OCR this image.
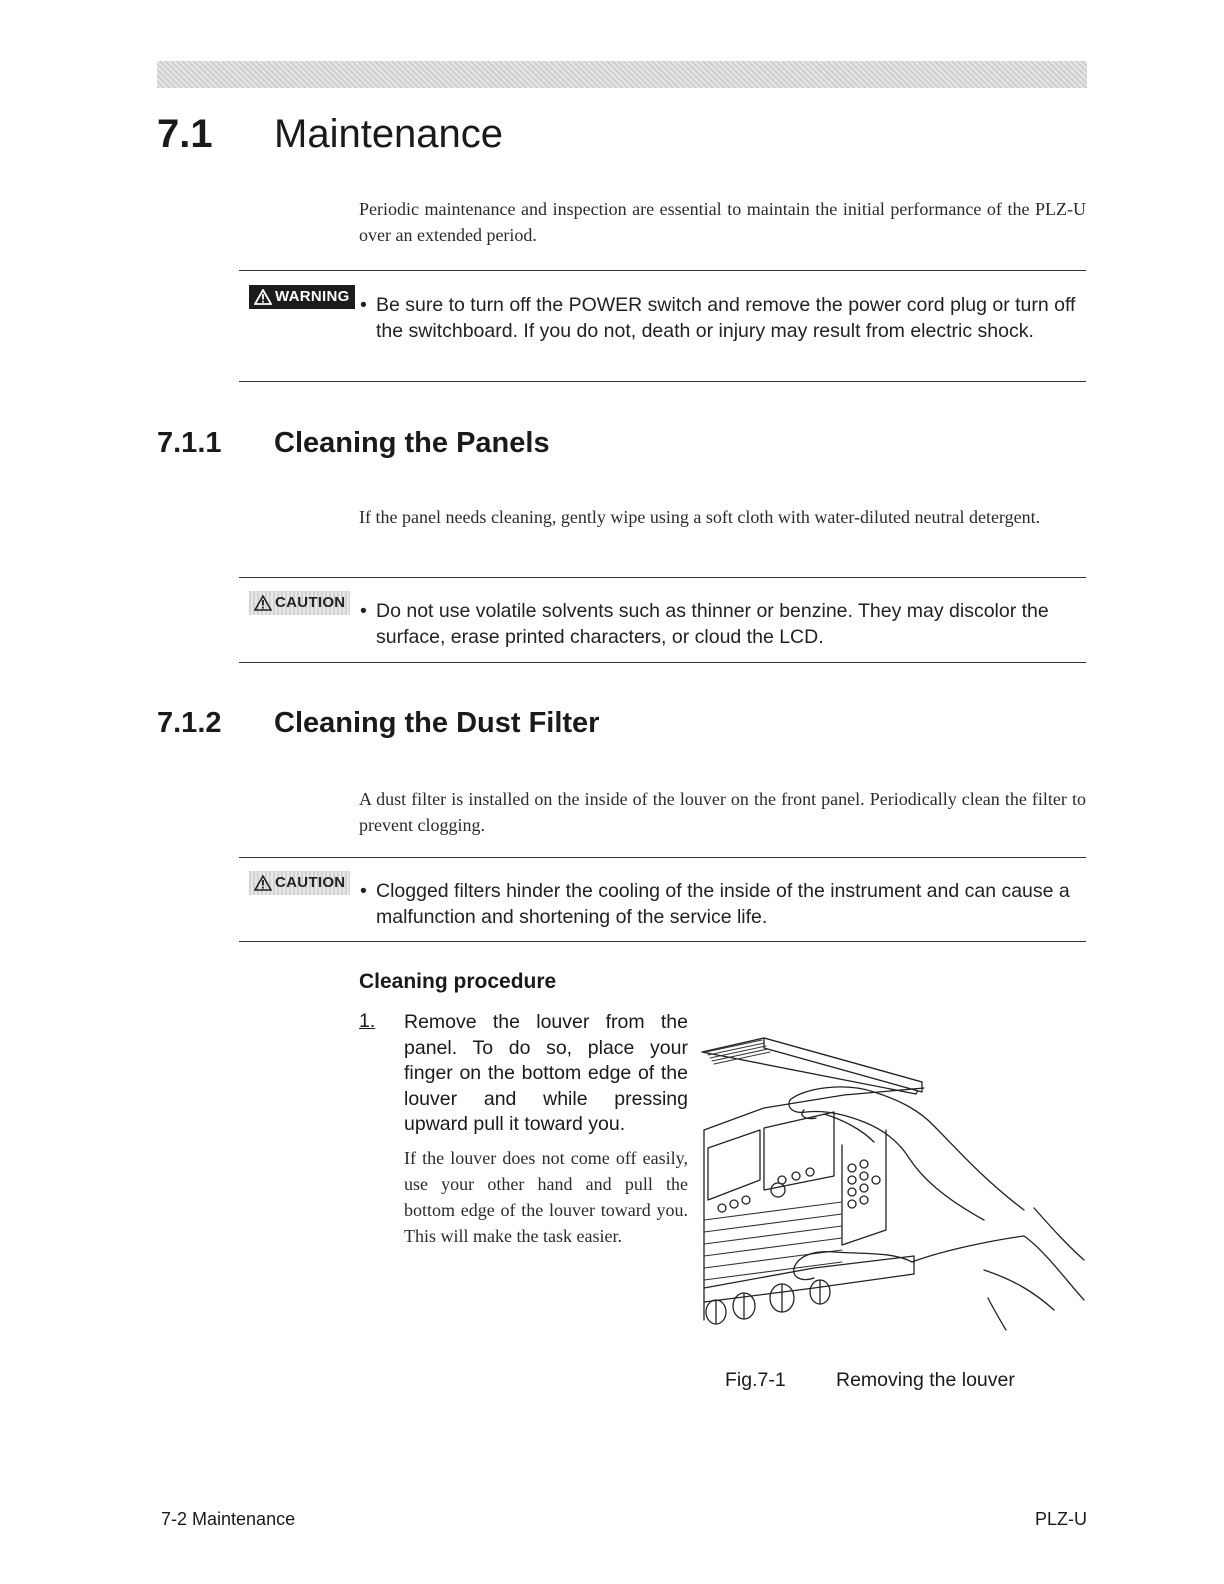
7.1 Maintenance
Periodic maintenance and inspection are essential to maintain the initial performance of the PLZ-U over an extended period.
WARNING • Be sure to turn off the POWER switch and remove the power cord plug or turn off the switchboard. If you do not, death or injury may result from electric shock.
7.1.1 Cleaning the Panels
If the panel needs cleaning, gently wipe using a soft cloth with water-diluted neutral detergent.
CAUTION • Do not use volatile solvents such as thinner or benzine. They may discolor the surface, erase printed characters, or cloud the LCD.
7.1.2 Cleaning the Dust Filter
A dust filter is installed on the inside of the louver on the front panel. Periodically clean the filter to prevent clogging.
CAUTION • Clogged filters hinder the cooling of the inside of the instrument and can cause a malfunction and shortening of the service life.
Cleaning procedure
1. Remove the louver from the panel. To do so, place your finger on the bottom edge of the louver and while pressing upward pull it toward you.
If the louver does not come off easily, use your other hand and pull the bottom edge of the louver toward you. This will make the task easier.
Fig.7-1	Removing the louver
7-2 Maintenance	PLZ-U
